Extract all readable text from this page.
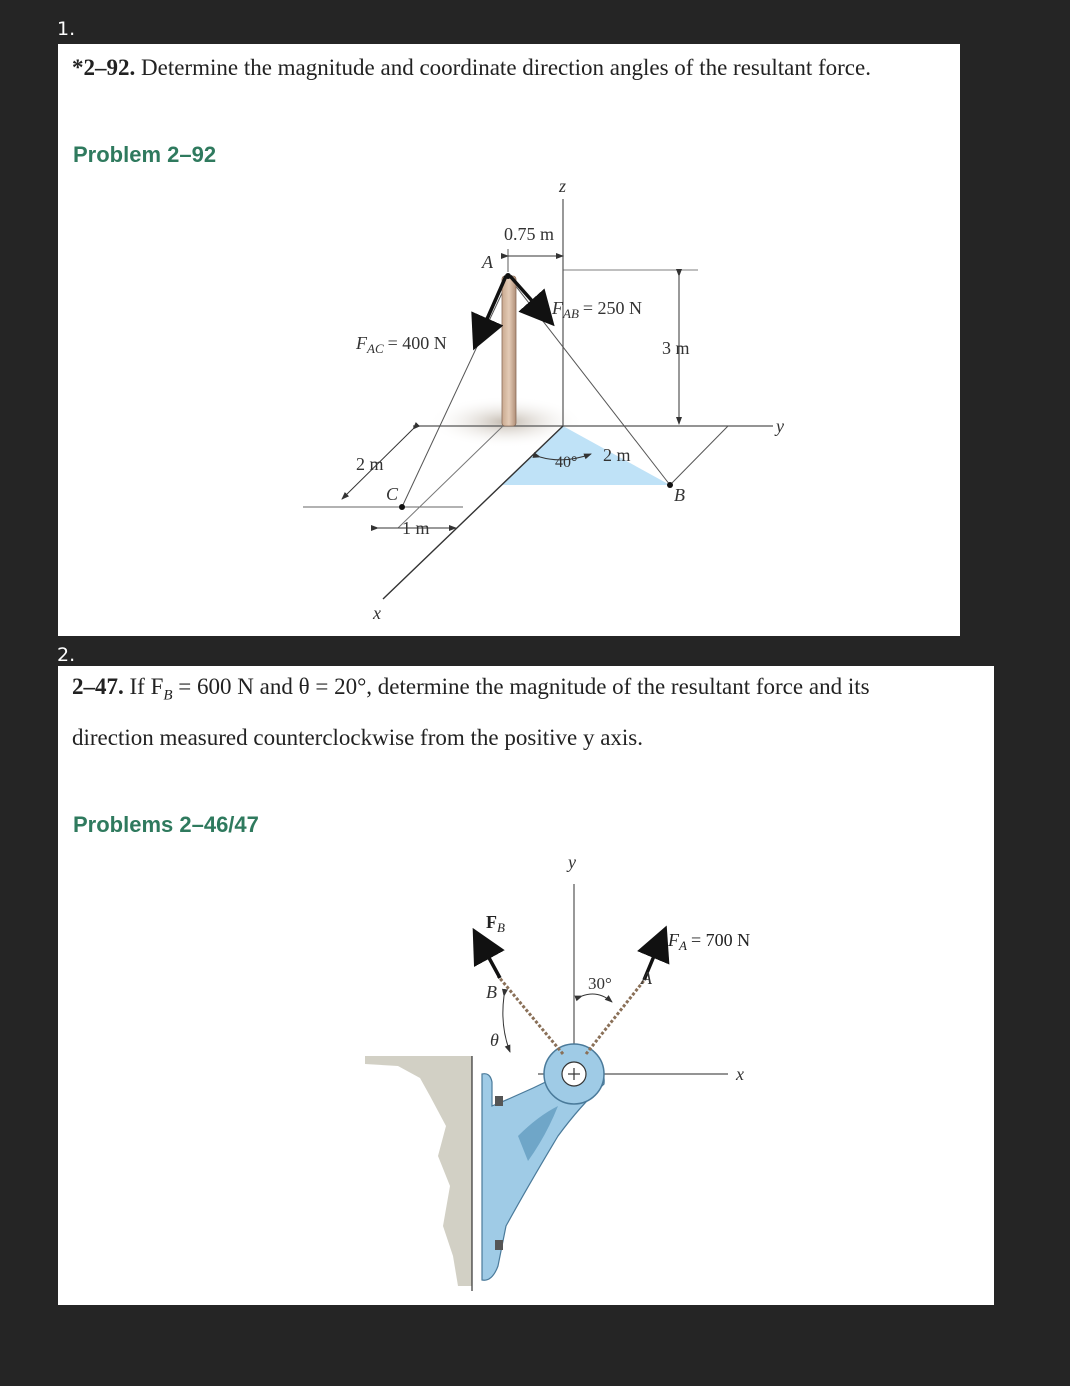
1.
*2–92. Determine the magnitude and coordinate direction angles of the resultant force.
Problem 2–92
z
y
x
A
B
C
0.75 m
3 m
2 m
2 m
1 m
40°
$F_{AB} = 250$ N
$F_{AC} = 400$ N
2.
2–47. If $F_B = 600$ N and θ = 20°, determine the magnitude of the resultant force and its
direction measured counterclockwise from the positive y axis.
Problems 2–46/47
y
x
B
A
θ
30°
$F_B$
$F_A = 700$ N
